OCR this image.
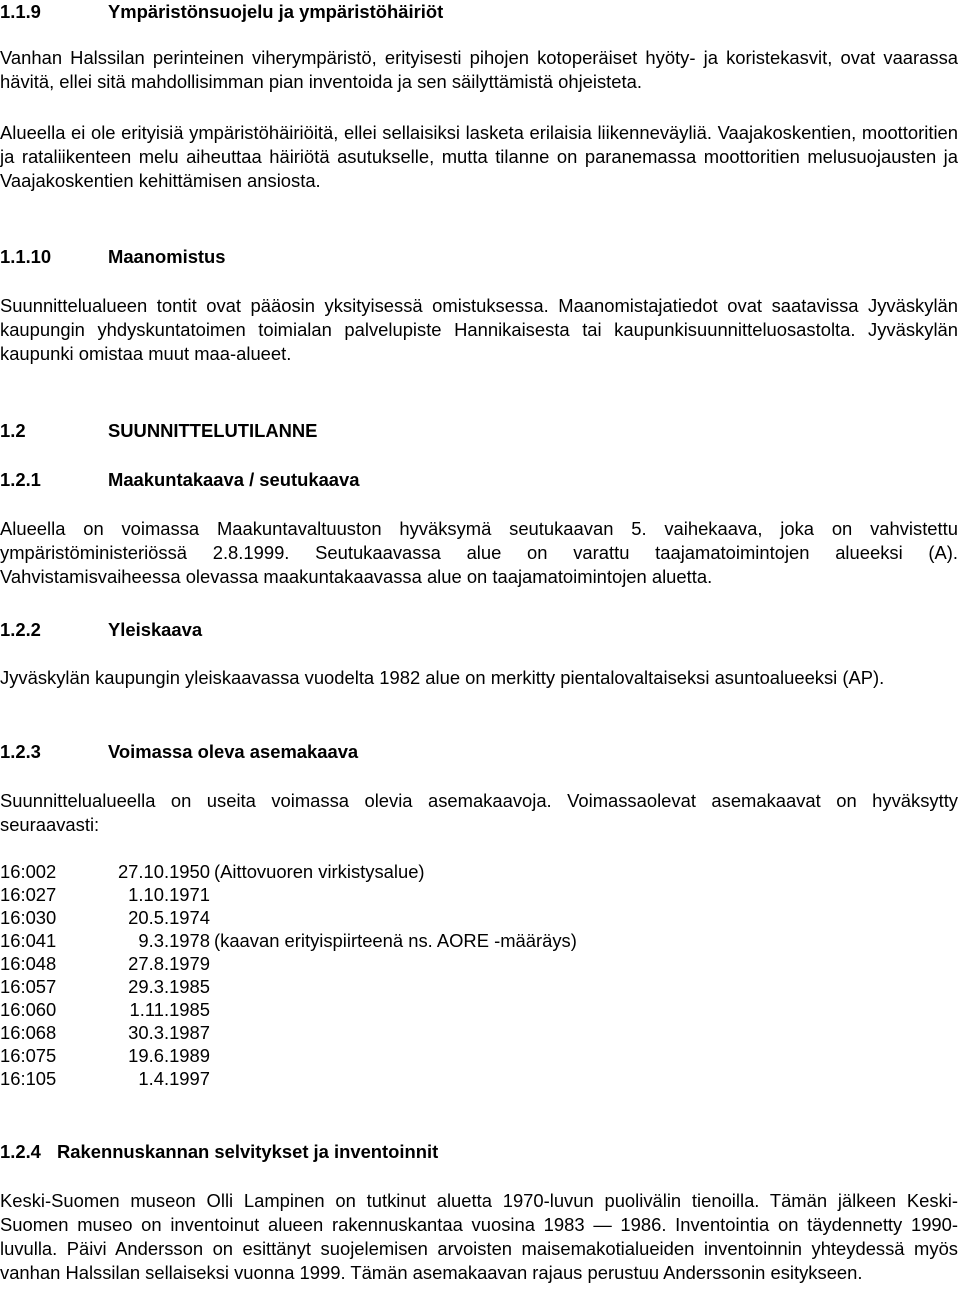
1.1.9	Ympäristönsuojelu ja ympäristöhäiriöt
Vanhan Halssilan perinteinen viherympäristö, erityisesti pihojen kotoperäiset hyöty- ja koristekasvit, ovat vaarassa hävitä, ellei sitä mahdollisimman pian inventoida ja sen säilyttämistä ohjeisteta.
Alueella ei ole erityisiä ympäristöhäiriöitä, ellei sellaisiksi lasketa erilaisia liikenneväyliä. Vaajakoskentien, moottoritien ja rataliikenteen melu aiheuttaa häiriötä asutukselle, mutta tilanne on paranemassa moottoritien melusuojausten ja Vaajakoskentien kehittämisen ansiosta.
1.1.10	Maanomistus
Suunnittelualueen tontit ovat pääosin yksityisessä omistuksessa. Maanomistajatiedot ovat saatavissa Jyväskylän kaupungin yhdyskuntatoimen toimialan palvelupiste Hannikaisesta tai kaupunkisuunnitteluosastolta. Jyväskylän kaupunki omistaa muut maa-alueet.
1.2	SUUNNITTELUTILANNE
1.2.1	Maakuntakaava / seutukaava
Alueella on voimassa Maakuntavaltuuston hyväksymä seutukaavan 5. vaihekaava, joka on vahvistettu ympäristöministeriössä 2.8.1999. Seutukaavassa alue on varattu taajamatoimintojen alueeksi (A). Vahvistamisvaiheessa olevassa maakuntakaavassa alue on taajamatoimintojen aluetta.
1.2.2	Yleiskaava
Jyväskylän kaupungin yleiskaavassa vuodelta 1982 alue on merkitty pientalovaltaiseksi asuntoalueeksi (AP).
1.2.3	Voimassa oleva asemakaava
Suunnittelualueella on useita voimassa olevia asemakaavoja. Voimassaolevat asemakaavat on hyväksytty seuraavasti:
16:002	27.10.1950 (Aittovuoren virkistysalue)
16:027	1.10.1971
16:030	20.5.1974
16:041	9.3.1978 (kaavan erityispiirteenä ns. AORE -määräys)
16:048	27.8.1979
16:057	29.3.1985
16:060	1.11.1985
16:068	30.3.1987
16:075	19.6.1989
16:105	1.4.1997
1.2.4 Rakennuskannan selvitykset ja inventoinnit
Keski-Suomen museon Olli Lampinen on tutkinut aluetta 1970-luvun puolivälin tienoilla. Tämän jälkeen Keski-Suomen museo on inventoinut alueen rakennuskantaa vuosina 1983 — 1986. Inventointia on täydennetty 1990-luvulla. Päivi Andersson on esittänyt suojelemisen arvoisten maisemakotialueiden inventoinnin yhteydessä myös vanhan Halssilan sellaiseksi vuonna 1999. Tämän asemakaavan rajaus perustuu Anderssonin esitykseen.
